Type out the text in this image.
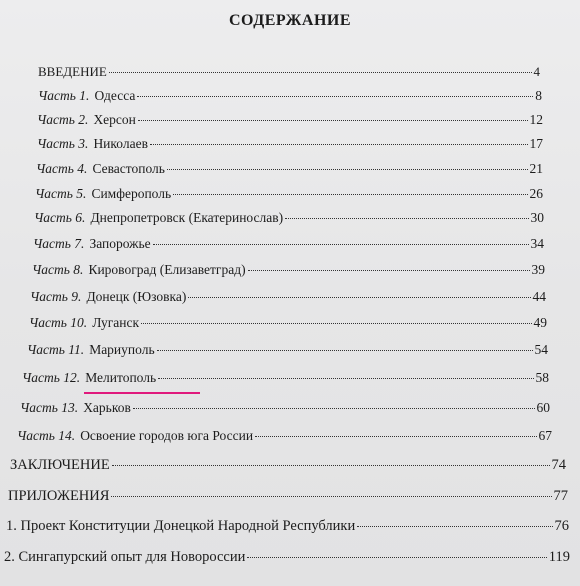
СОДЕРЖАНИЕ
ВВЕДЕНИЕ	4
Часть 1. Одесса	8
Часть 2. Херсон	12
Часть 3. Николаев	17
Часть 4. Севастополь	21
Часть 5. Симферополь	26
Часть 6. Днепропетровск (Екатеринослав)	30
Часть 7. Запорожье	34
Часть 8. Кировоград (Елизаветград)	39
Часть 9. Донецк (Юзовка)	44
Часть 10. Луганск	49
Часть 11. Мариуполь	54
Часть 12. Мелитополь	58
Часть 13. Харьков	60
Часть 14. Освоение городов юга России	67
ЗАКЛЮЧЕНИЕ	74
ПРИЛОЖЕНИЯ	77
1. Проект Конституции Донецкой Народной Республики	76
2. Сингапурский опыт для Новороссии	119
